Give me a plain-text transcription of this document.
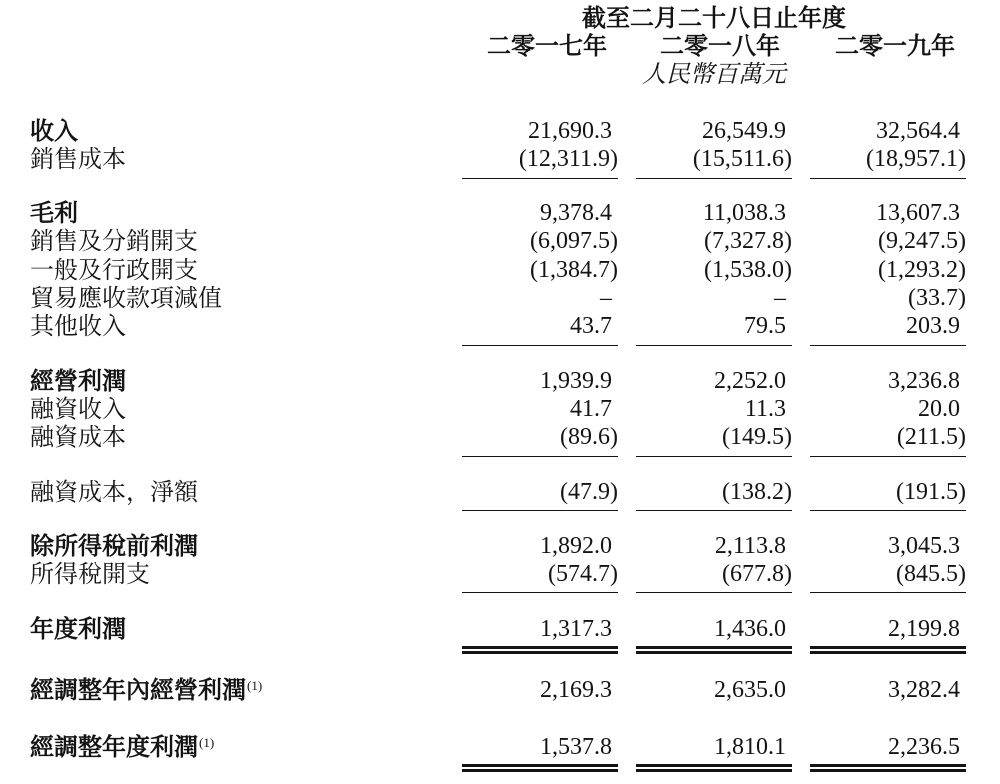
截至二月二十八日止年度
二零一七年 二零一八年 二零一九年
人民幣百萬元
收入	21,690.3	26,549.9	32,564.4
銷售成本	(12,311.9)	(15,511.6)	(18,957.1)
毛利	9,378.4	11,038.3	13,607.3
銷售及分銷開支	(6,097.5)	(7,327.8)	(9,247.5)
一般及行政開支	(1,384.7)	(1,538.0)	(1,293.2)
貿易應收款項減值	–	–	(33.7)
其他收入	43.7	79.5	203.9
經營利潤	1,939.9	2,252.0	3,236.8
融資收入	41.7	11.3	20.0
融資成本	(89.6)	(149.5)	(211.5)
融資成本，淨額	(47.9)	(138.2)	(191.5)
除所得稅前利潤	1,892.0	2,113.8	3,045.3
所得稅開支	(574.7)	(677.8)	(845.5)
年度利潤	1,317.3	1,436.0	2,199.8
經調整年內經營利潤$^{(1)}$	2,169.3	2,635.0	3,282.4
經調整年度利潤$^{(1)}$	1,537.8	1,810.1	2,236.5
